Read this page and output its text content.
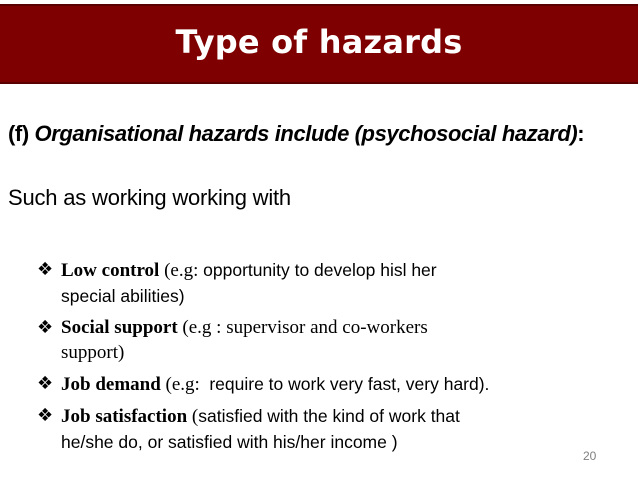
Type of hazards
(f) Organisational hazards include (psychosocial hazard):
Such as working working with
❖ Low control (e.g: opportunity to develop hisl her
special abilities)
❖ Social support (e.g : supervisor and co-workers
support)
❖ Job demand (e.g:  require to work very fast, very hard).
❖ Job satisfaction (satisfied with the kind of work that
he/she do, or satisfied with his/her income )
20
